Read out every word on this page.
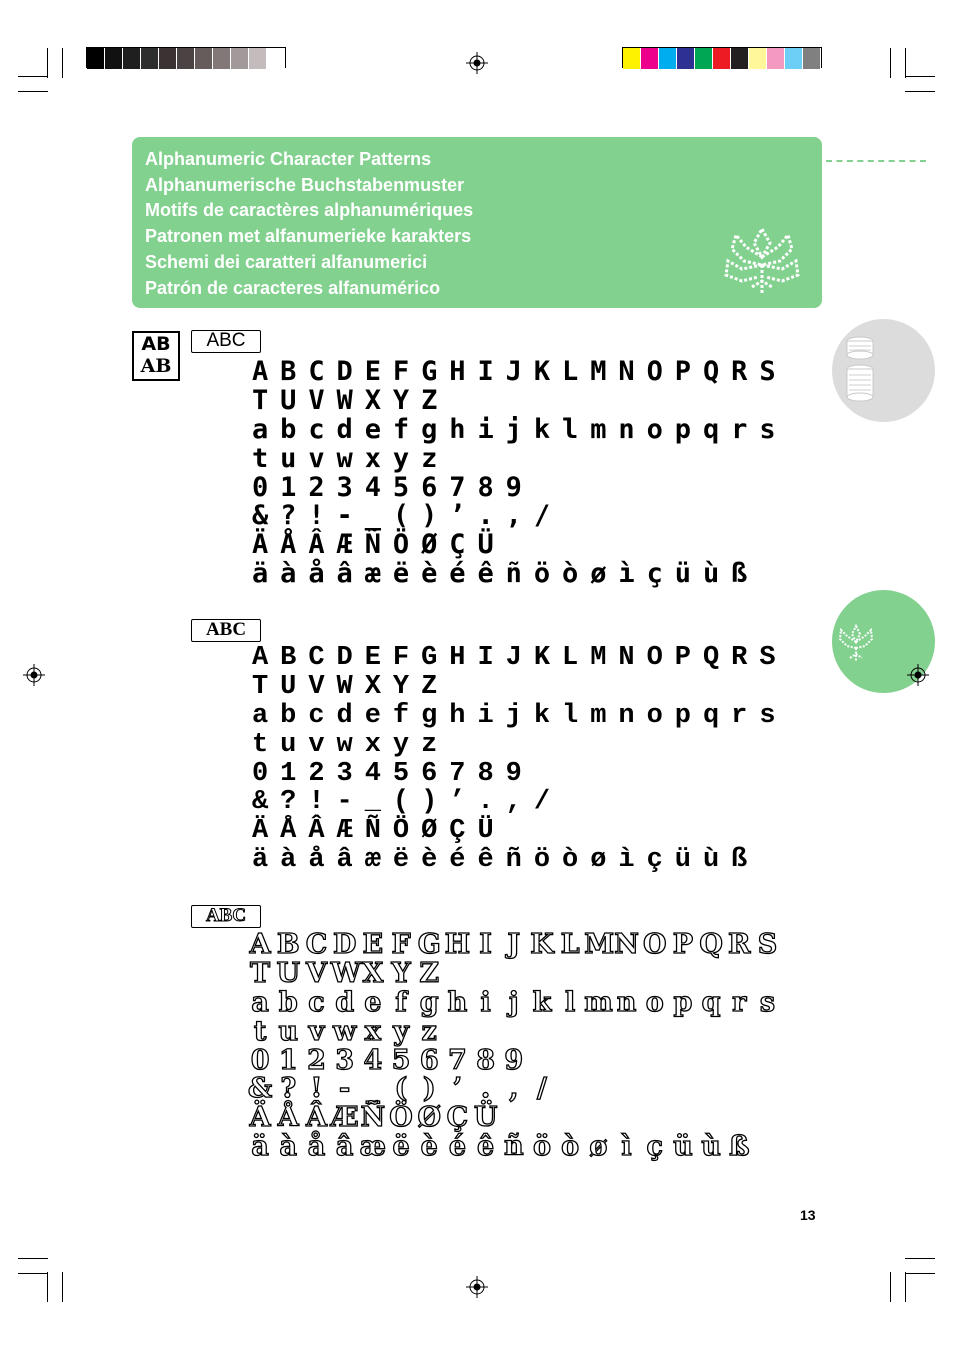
Alphanumeric Character Patterns
Alphanumerische Buchstabenmuster
Motifs de caractères alphanumériques
Patronen met alfanumerieke karakters
Schemi dei caratteri alfanumerici
Patrón de caracteres alfanumérico
AB
AB
ABC
ABC
ABC
A B C D E F G H I J K L M N O P Q R S
T U V W X Y Z
a b c d e f g h i j k l m n o p q r s
t u v w x y z
0 1 2 3 4 5 6 7 8 9
& ? ! - _ ( ) ’ . , /
Ä Å Â Æ Ñ Ö Ø Ç Ü
ä à å â æ ë è é ê ñ ö ò ø ì ç ü ù ß
A B C D E F G H I J K L M N O P Q R S
T U V W X Y Z
a b c d e f g h i j k l m n o p q r s
t u v w x y z
0 1 2 3 4 5 6 7 8 9
& ? ! - _ ( ) ’ . , /
Ä Å Â Æ Ñ Ö Ø Ç Ü
ä à å â æ ë è é ê ñ ö ò ø ì ç ü ù ß
A B C D E F G H I J K L M N O P Q R S
T U V W X Y Z
a b c d e f g h i j k l m n o p q r s
t u v w x y z
0 1 2 3 4 5 6 7 8 9
& ? ! - _ ( ) ’ . , /
Ä Å Â Æ Ñ Ö Ø Ç Ü
ä à å â æ ë è é ê ñ ö ò ø ì ç ü ù ß
13
